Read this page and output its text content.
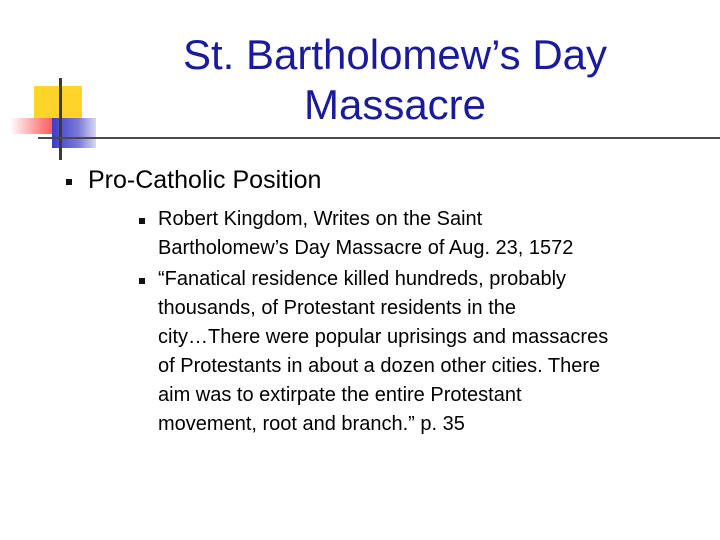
St. Bartholomew’s Day
Massacre
Pro-Catholic Position
Robert Kingdom, Writes on the Saint
Bartholomew’s Day Massacre of Aug. 23, 1572
“Fanatical residence killed hundreds, probably
thousands, of Protestant residents in the
city…There were popular uprisings and massacres
of Protestants in about a dozen other cities. There
aim was to extirpate the entire Protestant
movement, root and branch.” p. 35
